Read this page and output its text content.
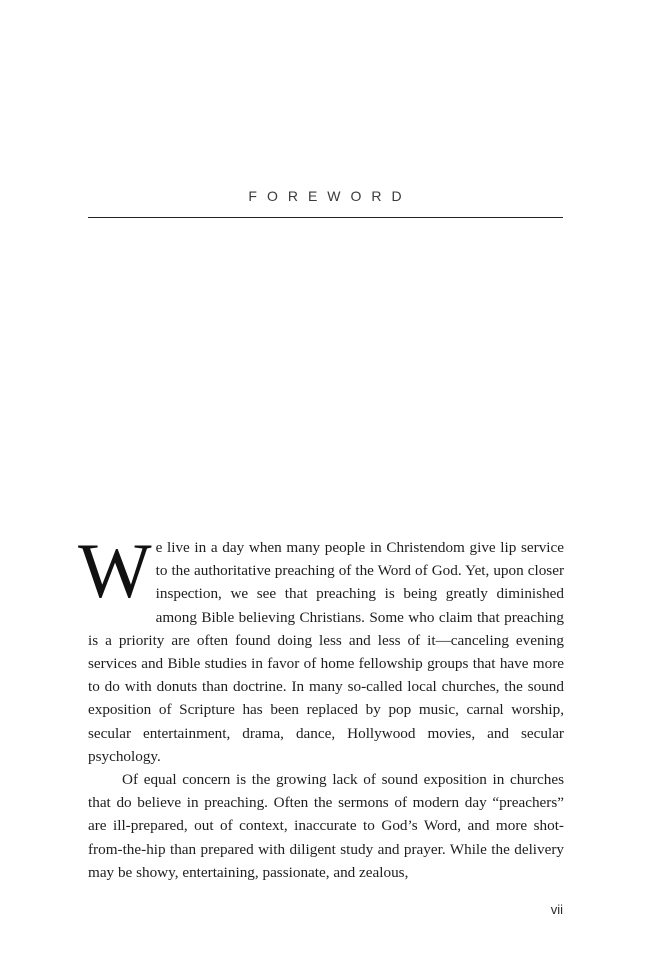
FOREWORD

We live in a day when many people in Christendom give lip service to the authoritative preaching of the Word of God. Yet, upon closer inspection, we see that preaching is being greatly diminished among Bible believing Christians. Some who claim that preaching is a priority are often found doing less and less of it—canceling evening services and Bible studies in favor of home fellowship groups that have more to do with donuts than doctrine. In many so-called local churches, the sound exposition of Scripture has been replaced by pop music, carnal worship, secular entertainment, drama, dance, Hollywood movies, and secular psychology.

Of equal concern is the growing lack of sound exposition in churches that do believe in preaching. Often the sermons of modern day “preachers” are ill-prepared, out of context, inaccurate to God’s Word, and more shot-from-the-hip than prepared with diligent study and prayer. While the delivery may be showy, entertaining, passionate, and zealous,

vii
